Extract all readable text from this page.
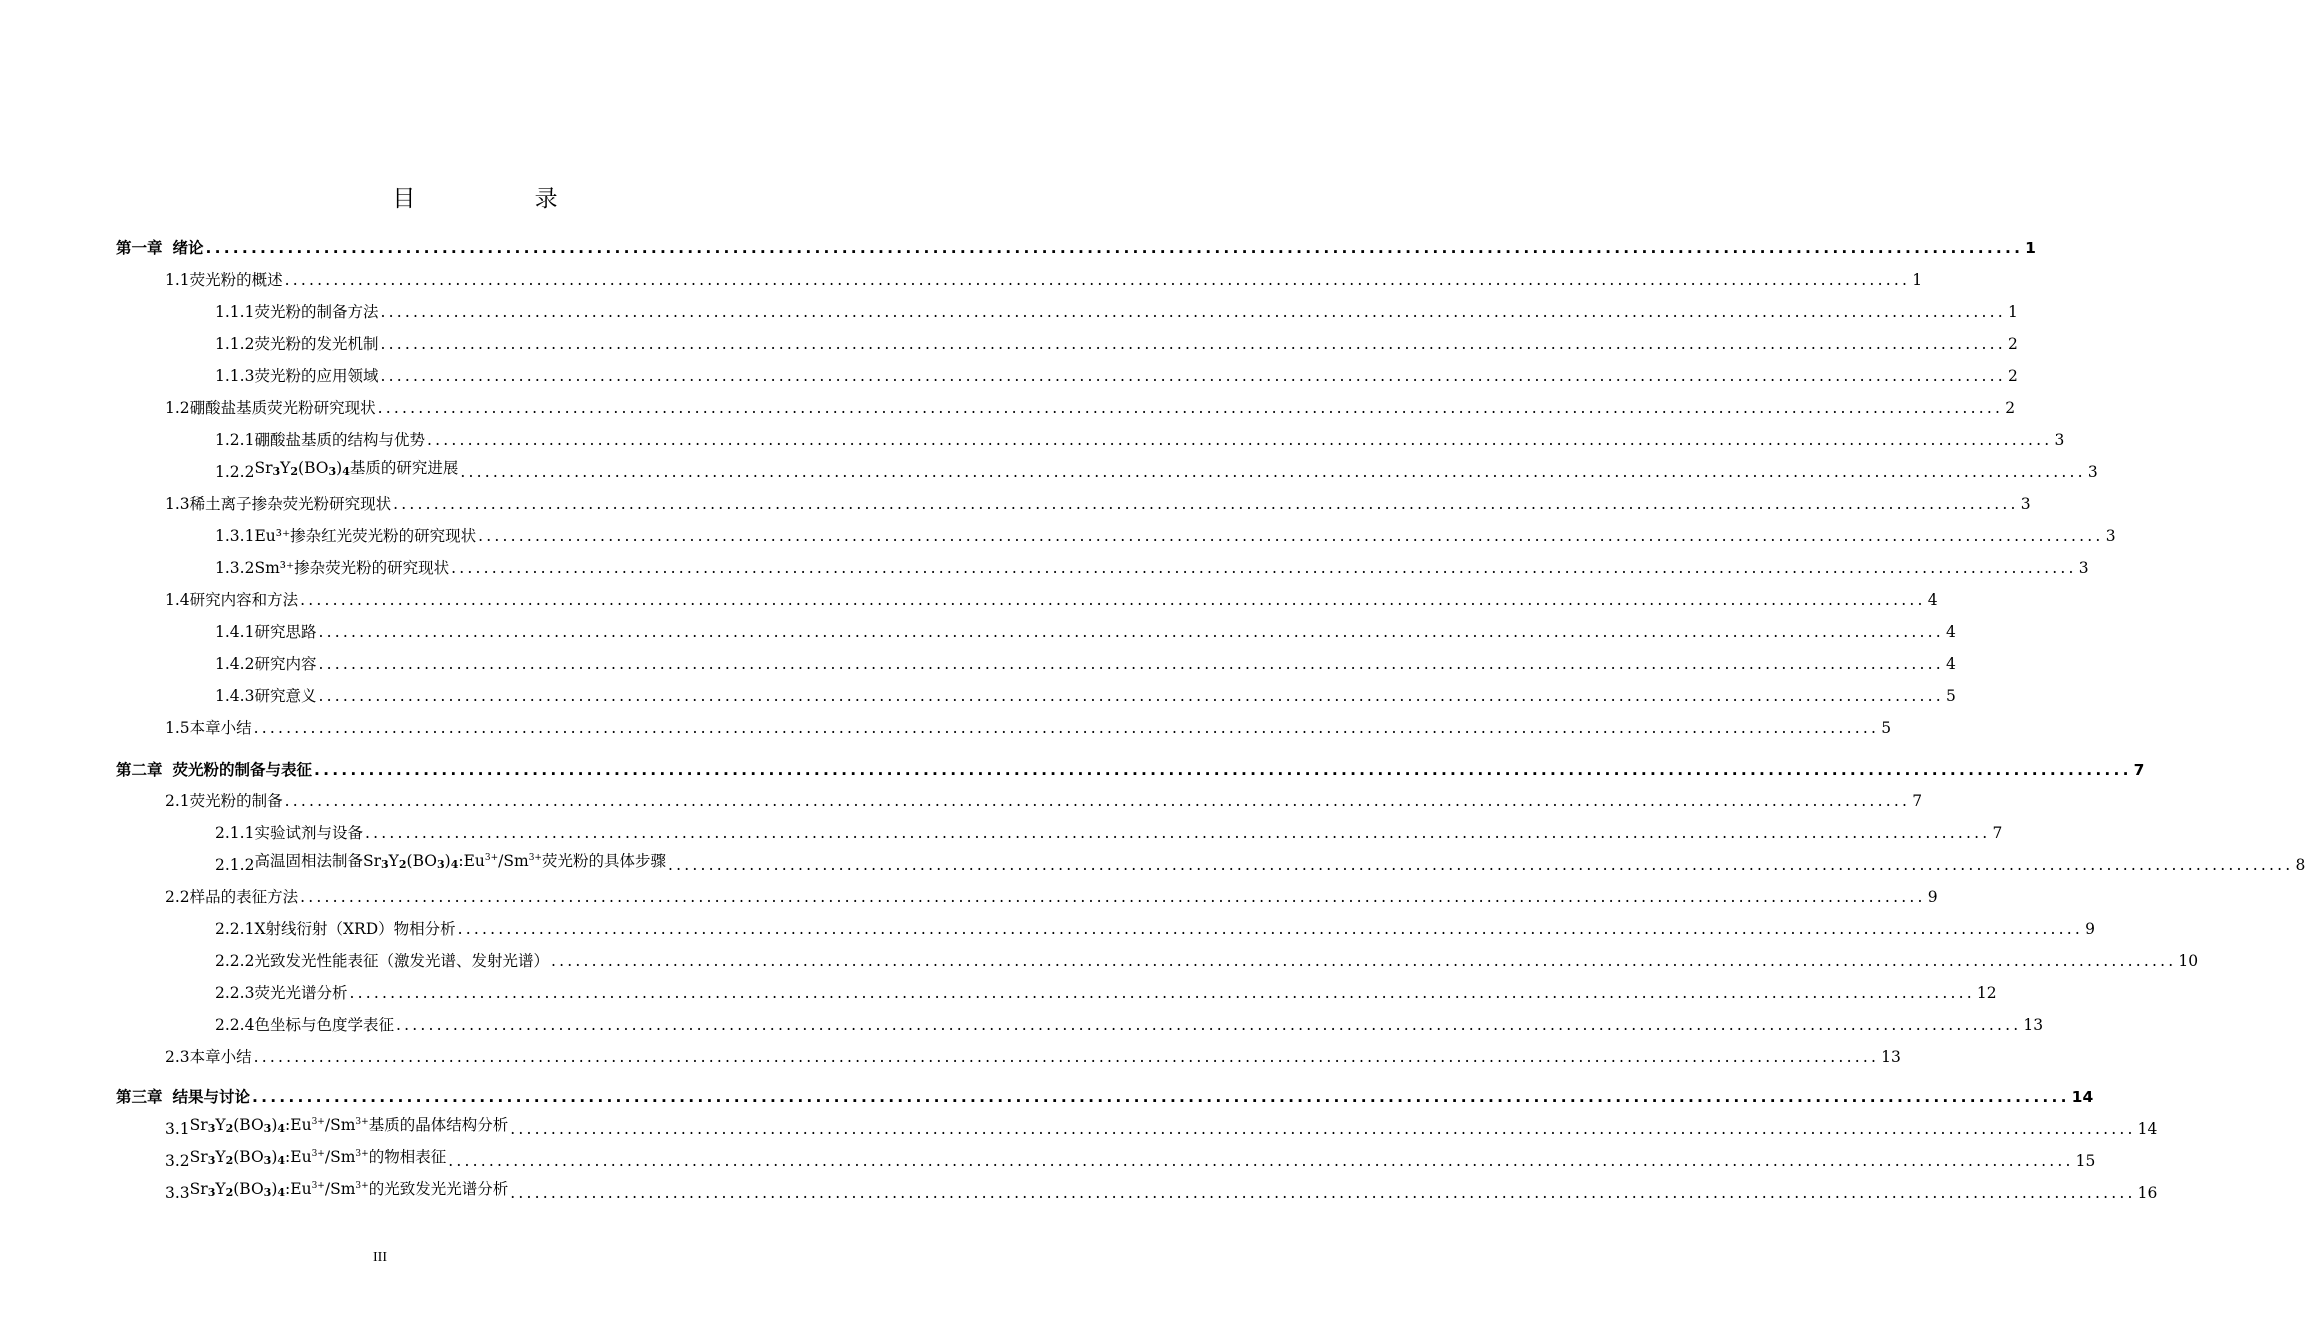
目 录
第一章 绪论 ........................................................................................................................................................................................................ 1
1.1 荧光粉的概述 ........................................................................................................................................................................................................ 1
1.1.1 荧光粉的制备方法 ........................................................................................................................................................................................................ 1
1.1.2 荧光粉的发光机制 ........................................................................................................................................................................................................ 2
1.1.3 荧光粉的应用领域 ........................................................................................................................................................................................................ 2
1.2 硼酸盐基质荧光粉研究现状 ........................................................................................................................................................................................................ 2
1.2.1 硼酸盐基质的结构与优势 ........................................................................................................................................................................................................ 3
1.2.2 $Sr_3Y_2(BO_3)_4$基质的研究进展 ........................................................................................................................................................................................................ 3
1.3 稀土离子掺杂荧光粉研究现状 ........................................................................................................................................................................................................ 3
1.3.1 Eu³⁺掺杂红光荧光粉的研究现状 ........................................................................................................................................................................................................ 3
1.3.2 Sm³⁺掺杂荧光粉的研究现状 ........................................................................................................................................................................................................ 3
1.4 研究内容和方法 ........................................................................................................................................................................................................ 4
1.4.1 研究思路 ........................................................................................................................................................................................................ 4
1.4.2 研究内容 ........................................................................................................................................................................................................ 4
1.4.3 研究意义 ........................................................................................................................................................................................................ 5
1.5 本章小结 ........................................................................................................................................................................................................ 5
第二章 荧光粉的制备与表征 ........................................................................................................................................................................................................ 7
2.1 荧光粉的制备 ........................................................................................................................................................................................................ 7
2.1.1 实验试剂与设备 ........................................................................................................................................................................................................ 7
2.1.2 高温固相法制备$Sr_3Y_2(BO_3)_4:Eu^{3+}/Sm^{3+}$荧光粉的具体步骤 ........................................................................................................................................................................................................ 8
2.2 样品的表征方法 ........................................................................................................................................................................................................ 9
2.2.1 X射线衍射（XRD）物相分析 ........................................................................................................................................................................................................ 9
2.2.2 光致发光性能表征（激发光谱、发射光谱） ........................................................................................................................................................................................................ 10
2.2.3 荧光光谱分析 ........................................................................................................................................................................................................ 12
2.2.4 色坐标与色度学表征 ........................................................................................................................................................................................................ 13
2.3 本章小结 ........................................................................................................................................................................................................ 13
第三章 结果与讨论 ........................................................................................................................................................................................................ 14
3.1 $Sr_3Y_2(BO_3)_4:Eu^{3+}/Sm^{3+}$基质的晶体结构分析 ........................................................................................................................................................................................................ 14
3.2 $Sr_3Y_2(BO_3)_4:Eu^{3+}/Sm^{3+}$的物相表征 ........................................................................................................................................................................................................ 15
3.3 $Sr_3Y_2(BO_3)_4:Eu^{3+}/Sm^{3+}$的光致发光光谱分析 ........................................................................................................................................................................................................ 16
III
